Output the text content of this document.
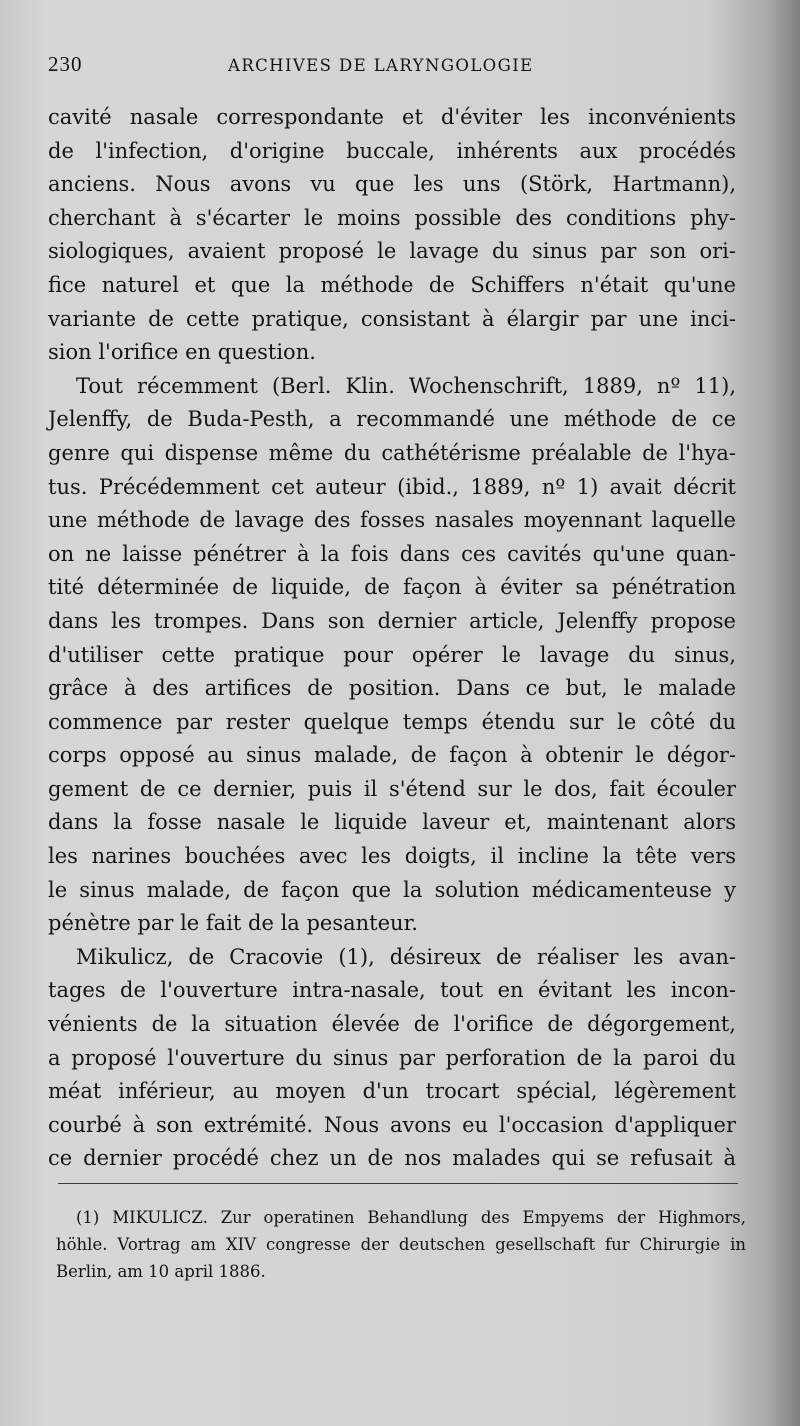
230	ARCHIVES DE LARYNGOLOGIE
cavité nasale correspondante et d'éviter les inconvénients
de l'infection, d'origine buccale, inhérents aux procédés
anciens. Nous avons vu que les uns (Störk, Hartmann),
cherchant à s'écarter le moins possible des conditions phy-
siologiques, avaient proposé le lavage du sinus par son ori-
fice naturel et que la méthode de Schiffers n'était qu'une
variante de cette pratique, consistant à élargir par une inci-
sion l'orifice en question.
Tout récemment (Berl. Klin. Wochenschrift, 1889, nº 11),
Jelenffy, de Buda-Pesth, a recommandé une méthode de ce
genre qui dispense même du cathétérisme préalable de l'hya-
tus. Précédemment cet auteur (ibid., 1889, nº 1) avait décrit
une méthode de lavage des fosses nasales moyennant laquelle
on ne laisse pénétrer à la fois dans ces cavités qu'une quan-
tité déterminée de liquide, de façon à éviter sa pénétration
dans les trompes. Dans son dernier article, Jelenffy propose
d'utiliser cette pratique pour opérer le lavage du sinus,
grâce à des artifices de position. Dans ce but, le malade
commence par rester quelque temps étendu sur le côté du
corps opposé au sinus malade, de façon à obtenir le dégor-
gement de ce dernier, puis il s'étend sur le dos, fait écouler
dans la fosse nasale le liquide laveur et, maintenant alors
les narines bouchées avec les doigts, il incline la tête vers
le sinus malade, de façon que la solution médicamenteuse y
pénètre par le fait de la pesanteur.
Mikulicz, de Cracovie (1), désireux de réaliser les avan-
tages de l'ouverture intra-nasale, tout en évitant les incon-
vénients de la situation élevée de l'orifice de dégorgement,
a proposé l'ouverture du sinus par perforation de la paroi du
méat inférieur, au moyen d'un trocart spécial, légèrement
courbé à son extrémité. Nous avons eu l'occasion d'appliquer
ce dernier procédé chez un de nos malades qui se refusait à
(1) MIKULICZ. Zur operatinen Behandlung des Empyems der Highmors,
höhle. Vortrag am XIV congresse der deutschen gesellschaft fur Chirurgie in
Berlin, am 10 april 1886.
